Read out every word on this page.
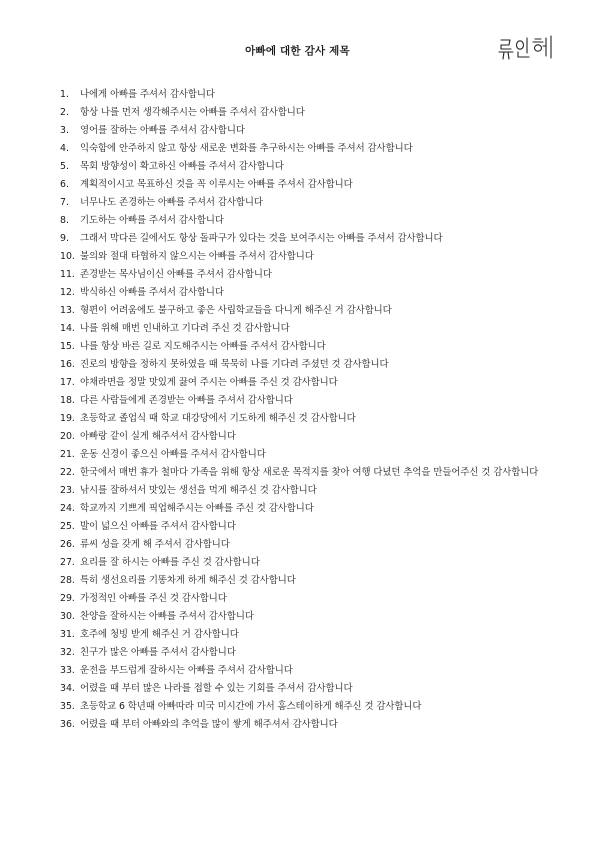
아빠에 대한 감사 제목
1.	나에게 아빠를 주셔서 감사합니다
2.	항상 나를 먼저 생각해주시는 아빠를 주셔서 감사합니다
3.	영어를 잘하는 아빠를 주셔서 감사합니다
4.	익숙함에 안주하지 않고 항상 새로운 변화를 추구하시는 아빠를 주셔서 감사합니다
5.	목회 방향성이 확고하신 아빠를 주셔서 감사합니다
6.	계획적이시고 목표하신 것을 꼭 이루시는 아빠를 주셔서 감사합니다
7.	너무나도 존경하는 아빠를 주셔서 감사합니다
8.	기도하는 아빠를 주셔서 감사합니다
9.	그래서 막다른 길에서도 항상 돌파구가 있다는 것을 보여주시는 아빠를 주셔서 감사합니다
10. 불의와 절대 타협하지 않으시는 아빠를 주셔서 감사합니다
11. 존경받는 목사님이신 아빠를 주셔서 감사합니다
12. 박식하신 아빠를 주셔서 감사합니다
13. 형편이 어려움에도 불구하고 좋은 사립학교들을 다니게 해주신 거 감사합니다
14. 나를 위해 매번 인내하고 기다려 주신 것 감사합니다
15. 나를 항상 바른 길로 지도해주시는 아빠를 주셔서 감사합니다
16. 진로의 방향을 정하지 못하였을 때 묵묵히 나를 기다려 주셨던 것 감사합니다
17. 야채라면을 정말 맛있게 끓여 주시는 아빠를 주신 것 감사합니다
18. 다른 사람들에게 존경받는 아빠를 주셔서 감사합니다
19. 초등학교 졸업식 때 학교 대강당에서 기도하게 해주신 것 감사합니다
20. 아빠랑 같이 실게 해주셔서 감사합니다
21. 운동 신경이 좋으신 아빠를 주셔서 감사합니다
22. 한국에서 매번 휴가 철마다 가족을 위해 항상 새로운 목적지를 찾아 여행 다녔던 추억을 만들어주신 것 감사합니다
23. 낚시를 잘하셔서 맛있는 생선을 먹게 해주신 것 감사합니다
24. 학교까지 기쁘게 픽업해주시는 아빠를 주신 것 감사합니다
25. 발이 넓으신 아빠를 주셔서 감사합니다
26. 류씨 성을 갖게 해 주셔서 감사합니다
27. 요리를 잘 하시는 아빠를 주신 것 감사합니다
28. 특히 생선요리를 기똥차게 하게 해주신 것 감사합니다
29. 가정적인 아빠를 주신 것 감사합니다
30. 찬양을 잘하시는 아빠를 주셔서 감사합니다
31. 호주에 청빙 받게 해주신 거 감사합니다
32. 친구가 많은 아빠를 주셔서 감사합니다
33. 운전을 부드럽게 잘하시는 아빠를 주셔서 감사합니다
34. 어렸을 때 부터 많은 나라를 접할 수 있는 기회를 주셔서 감사합니다
35. 초등학교 6 학년때 아빠따라 미국 미시간에 가서 홈스테이하게 해주신 것 감사합니다
36. 어렸을 때 부터 아빠와의 추억을 많이 쌓게 해주셔서 감사합니다
